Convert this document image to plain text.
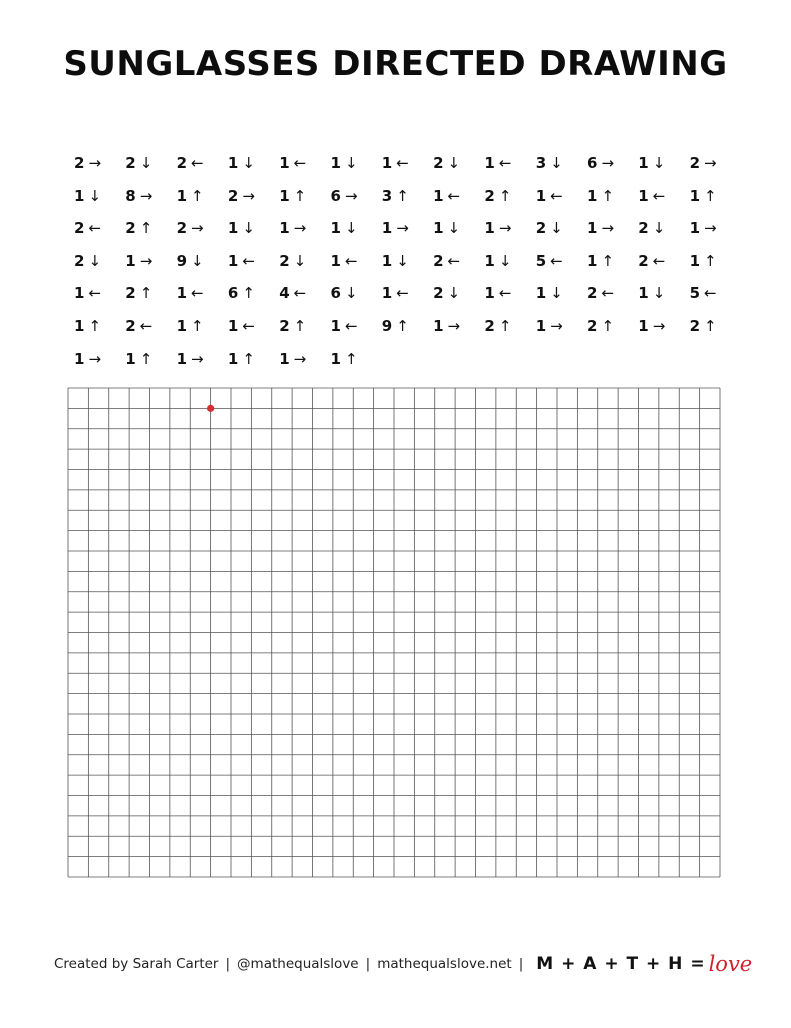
SUNGLASSES DIRECTED DRAWING
2 → 2 ↓ 2 ← 1 ↓ 1 ← 1 ↓ 1 ← 2 ↓ 1 ← 3 ↓ 6 → 1 ↓ 2 →
1 ↓ 8 → 1 ↑ 2 → 1 ↑ 6 → 3 ↑ 1 ← 2 ↑ 1 ← 1 ↑ 1 ← 1 ↑
2 ← 2 ↑ 2 → 1 ↓ 1 → 1 ↓ 1 → 1 ↓ 1 → 2 ↓ 1 → 2 ↓ 1 →
2 ↓ 1 → 9 ↓ 1 ← 2 ↓ 1 ← 1 ↓ 2 ← 1 ↓ 5 ← 1 ↑ 2 ← 1 ↑
1 ← 2 ↑ 1 ← 6 ↑ 4 ← 6 ↓ 1 ← 2 ↓ 1 ← 1 ↓ 2 ← 1 ↓ 5 ←
1 ↑ 2 ← 1 ↑ 1 ← 2 ↑ 1 ← 9 ↑ 1 → 2 ↑ 1 → 2 ↑ 1 → 2 ↑
1 → 1 ↑ 1 → 1 ↑ 1 → 1 ↑
Created by Sarah Carter | @mathequalslove | mathequalslove.net | M + A + T + H = love
